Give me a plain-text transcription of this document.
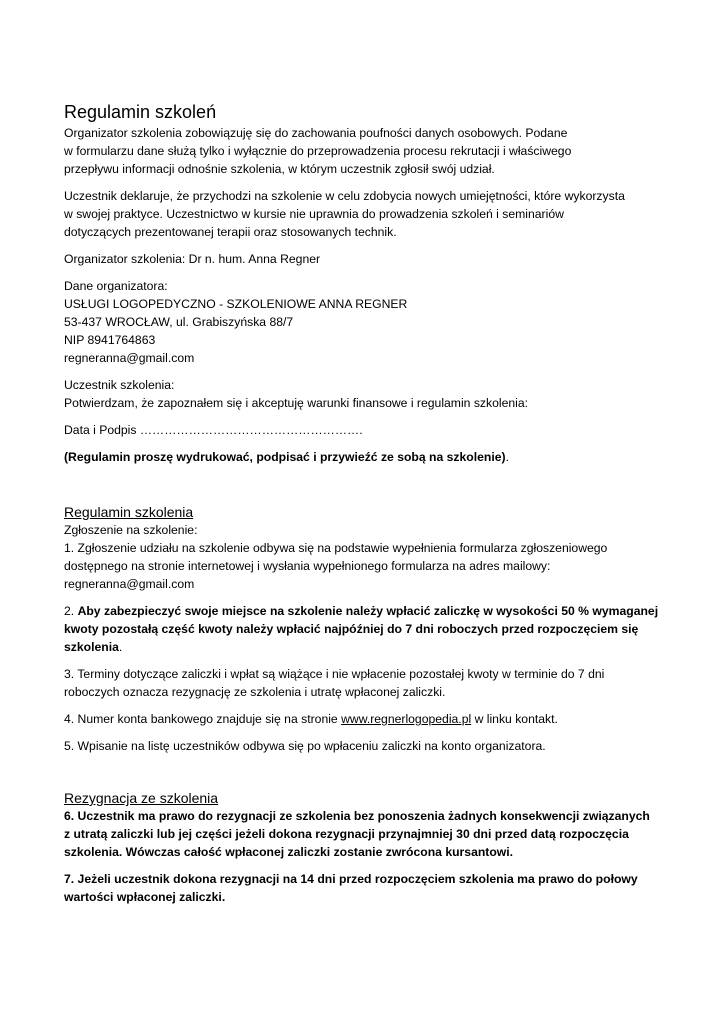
Regulamin szkoleń

Organizator szkolenia zobowiązuję się do zachowania poufności danych osobowych. Podane
w formularzu dane służą tylko i wyłącznie do przeprowadzenia procesu rekrutacji i właściwego
przepływu informacji odnośnie szkolenia, w którym uczestnik zgłosił swój udział.

Uczestnik deklaruje, że przychodzi na szkolenie w celu zdobycia nowych umiejętności, które wykorzysta
w swojej praktyce. Uczestnictwo w kursie nie uprawnia do prowadzenia szkoleń i seminariów
dotyczących prezentowanej terapii oraz stosowanych technik.

Organizator szkolenia: Dr n. hum. Anna Regner

Dane organizatora:
USŁUGI LOGOPEDYCZNO - SZKOLENIOWE ANNA REGNER
53-437 WROCŁAW, ul. Grabiszyńska 88/7
NIP 8941764863
regneranna@gmail.com

Uczestnik szkolenia:
Potwierdzam, że zapoznałem się i akceptuję warunki finansowe i regulamin szkolenia:

Data i Podpis ……………………………………………….

(Regulamin proszę wydrukować, podpisać i przywieźć ze sobą na szkolenie).

Regulamin szkolenia
Zgłoszenie na szkolenie:

1. Zgłoszenie udziału na szkolenie odbywa się na podstawie wypełnienia formularza zgłoszeniowego
dostępnego na stronie internetowej i wysłania wypełnionego formularza na adres mailowy:
regneranna@gmail.com

2. Aby zabezpieczyć swoje miejsce na szkolenie należy wpłacić zaliczkę w wysokości 50 % wymaganej
kwoty pozostałą część kwoty należy wpłacić najpóźniej do 7 dni roboczych przed rozpoczęciem się
szkolenia.

3. Terminy dotyczące zaliczki i wpłat są wiążące i nie wpłacenie pozostałej kwoty w terminie do 7 dni
roboczych oznacza rezygnację ze szkolenia i utratę wpłaconej zaliczki.

4. Numer konta bankowego znajduje się na stronie www.regnerlogopedia.pl w linku kontakt.

5. Wpisanie na listę uczestników odbywa się po wpłaceniu zaliczki na konto organizatora.

Rezygnacja ze szkolenia

6. Uczestnik ma prawo do rezygnacji ze szkolenia bez ponoszenia żadnych konsekwencji związanych
z utratą zaliczki lub jej części jeżeli dokona rezygnacji przynajmniej 30 dni przed datą rozpoczęcia
szkolenia. Wówczas całość wpłaconej zaliczki zostanie zwrócona kursantowi.

7. Jeżeli uczestnik dokona rezygnacji na 14 dni przed rozpoczęciem szkolenia ma prawo do połowy
wartości wpłaconej zaliczki.
